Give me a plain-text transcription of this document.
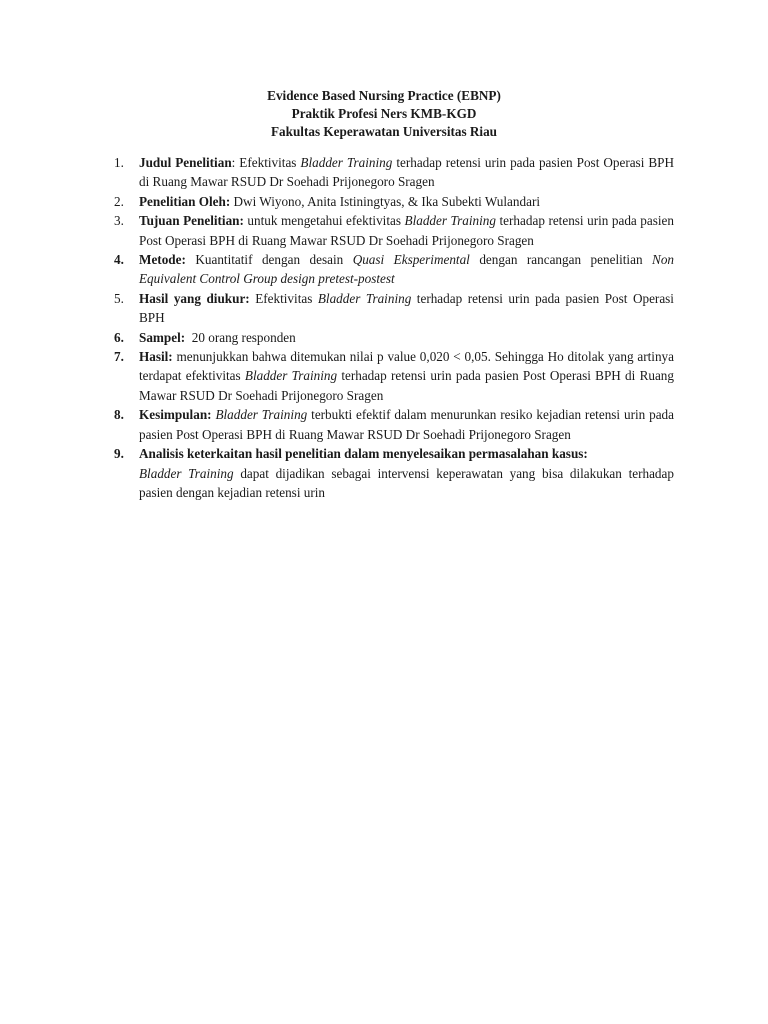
Evidence Based Nursing Practice (EBNP)
Praktik Profesi Ners KMB-KGD
Fakultas Keperawatan Universitas Riau
1.	Judul Penelitian: Efektivitas Bladder Training terhadap retensi urin pada pasien Post Operasi BPH di Ruang Mawar RSUD Dr Soehadi Prijonegoro Sragen
2.	Penelitian Oleh: Dwi Wiyono, Anita Istiningtyas, & Ika Subekti Wulandari
3.	Tujuan Penelitian: untuk mengetahui efektivitas Bladder Training terhadap retensi urin pada pasien Post Operasi BPH di Ruang Mawar RSUD Dr Soehadi Prijonegoro Sragen
4.	Metode: Kuantitatif dengan desain Quasi Eksperimental dengan rancangan penelitian Non Equivalent Control Group design pretest-postest
5.	Hasil yang diukur: Efektivitas Bladder Training terhadap retensi urin pada pasien Post Operasi BPH
6.	Sampel:  20 orang responden
7.	Hasil: menunjukkan bahwa ditemukan nilai p value 0,020 < 0,05. Sehingga Ho ditolak yang artinya terdapat efektivitas Bladder Training terhadap retensi urin pada pasien Post Operasi BPH di Ruang Mawar RSUD Dr Soehadi Prijonegoro Sragen
8.	Kesimpulan: Bladder Training terbukti efektif dalam menurunkan resiko kejadian retensi urin pada pasien Post Operasi BPH di Ruang Mawar RSUD Dr Soehadi Prijonegoro Sragen
9.	Analisis keterkaitan hasil penelitian dalam menyelesaikan permasalahan kasus:
Bladder Training dapat dijadikan sebagai intervensi keperawatan yang bisa dilakukan terhadap pasien dengan kejadian retensi urin
